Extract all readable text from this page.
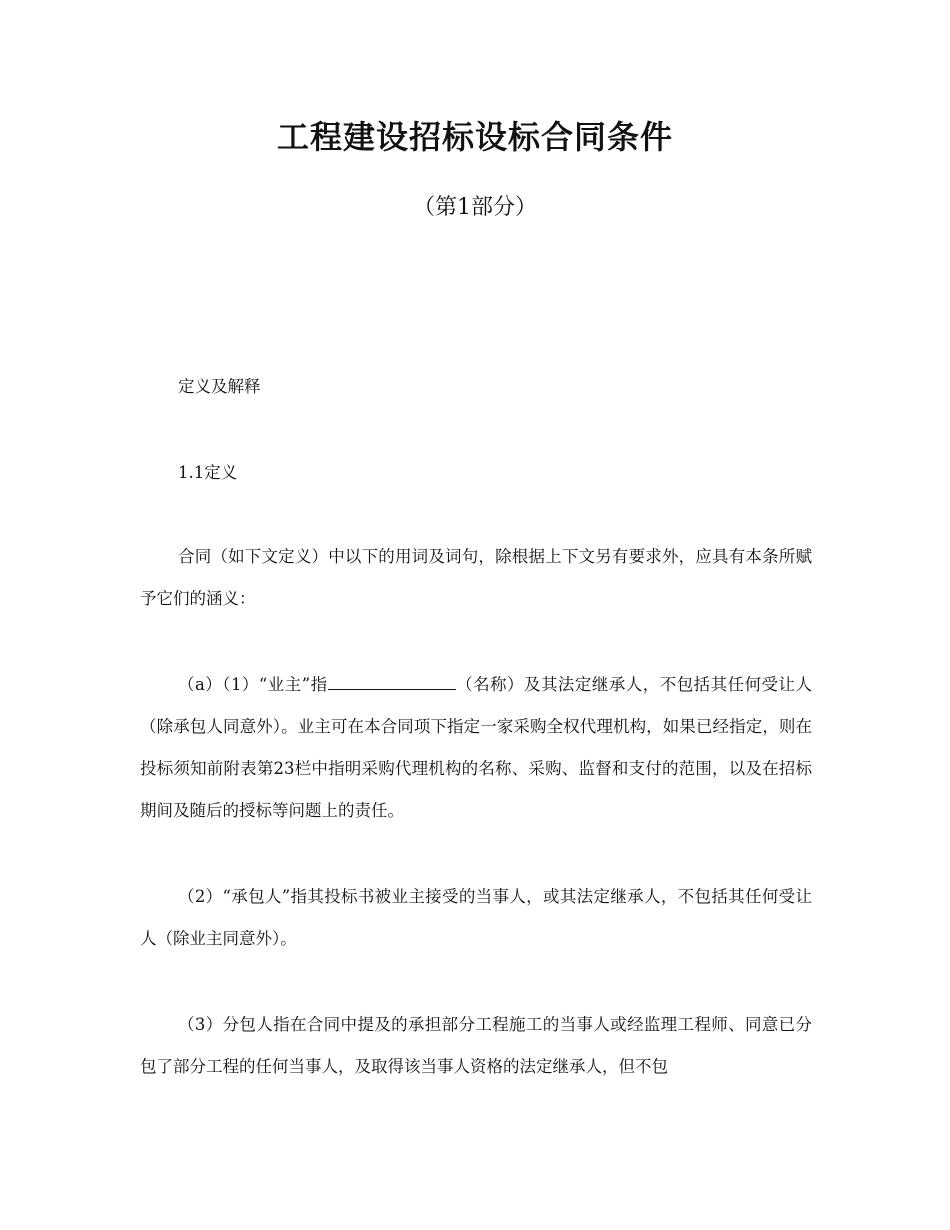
工程建设招标设标合同条件

（第1部分）

定义及解释

1.1定义

合同（如下文定义）中以下的用词及词句，除根据上下文另有要求外，应具有本条所赋予它们的涵义：

（a）（1）“业主”指	（名称）及其法定继承人，不包括其任何受让人（除承包人同意外）。业主可在本合同项下指定一家采购全权代理机构，如果已经指定，则在投标须知前附表第23栏中指明采购代理机构的名称、采购、监督和支付的范围，以及在招标期间及随后的授标等问题上的责任。

（2）“承包人”指其投标书被业主接受的当事人，或其法定继承人，不包括其任何受让人（除业主同意外）。

（3）分包人指在合同中提及的承担部分工程施工的当事人或经监理工程师、同意已分包了部分工程的任何当事人，及取得该当事人资格的法定继承人，但不包
